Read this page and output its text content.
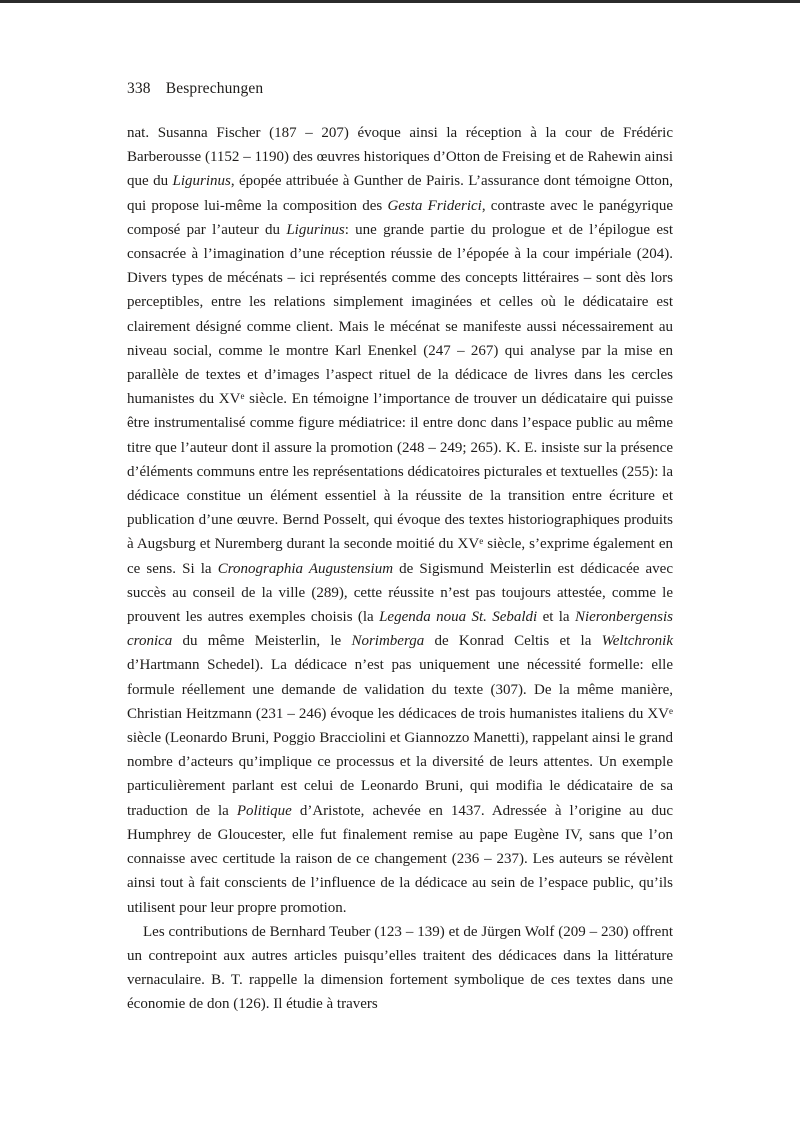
338 Besprechungen

nat. Susanna Fischer (187 – 207) évoque ainsi la réception à la cour de Frédéric Barberousse (1152 – 1190) des œuvres historiques d’Otton de Freising et de Rahewin ainsi que du Ligurinus, épopée attribuée à Gunther de Pairis. L’assurance dont témoigne Otton, qui propose lui-même la composition des Gesta Friderici, contraste avec le panégyrique composé par l’auteur du Ligurinus: une grande partie du prologue et de l’épilogue est consacrée à l’imagination d’une réception réussie de l’épopée à la cour impériale (204). Divers types de mécénats – ici représentés comme des concepts littéraires – sont dès lors perceptibles, entre les relations simplement imaginées et celles où le dédicataire est clairement désigné comme client. Mais le mécénat se manifeste aussi nécessairement au niveau social, comme le montre Karl Enenkel (247 – 267) qui analyse par la mise en parallèle de textes et d’images l’aspect rituel de la dédicace de livres dans les cercles humanistes du XVe siècle. En témoigne l’importance de trouver un dédicataire qui puisse être instrumentalisé comme figure médiatrice: il entre donc dans l’espace public au même titre que l’auteur dont il assure la promotion (248 – 249; 265). K. E. insiste sur la présence d’éléments communs entre les représentations dédicatoires picturales et textuelles (255): la dédicace constitue un élément essentiel à la réussite de la transition entre écriture et publication d’une œuvre. Bernd Posselt, qui évoque des textes historiographiques produits à Augsburg et Nuremberg durant la seconde moitié du XVe siècle, s’exprime également en ce sens. Si la Cronographia Augustensium de Sigismund Meisterlin est dédicacée avec succès au conseil de la ville (289), cette réussite n’est pas toujours attestée, comme le prouvent les autres exemples choisis (la Legenda noua St. Sebaldi et la Nieronbergensis cronica du même Meisterlin, le Norimberga de Konrad Celtis et la Weltchronik d’Hartmann Schedel). La dédicace n’est pas uniquement une nécessité formelle: elle formule réellement une demande de validation du texte (307). De la même manière, Christian Heitzmann (231 – 246) évoque les dédicaces de trois humanistes italiens du XVe siècle (Leonardo Bruni, Poggio Bracciolini et Giannozzo Manetti), rappelant ainsi le grand nombre d’acteurs qu’implique ce processus et la diversité de leurs attentes. Un exemple particulièrement parlant est celui de Leonardo Bruni, qui modifia le dédicataire de sa traduction de la Politique d’Aristote, achevée en 1437. Adressée à l’origine au duc Humphrey de Gloucester, elle fut finalement remise au pape Eugène IV, sans que l’on connaisse avec certitude la raison de ce changement (236 – 237). Les auteurs se révèlent ainsi tout à fait conscients de l’influence de la dédicace au sein de l’espace public, qu’ils utilisent pour leur propre promotion.

Les contributions de Bernhard Teuber (123 – 139) et de Jürgen Wolf (209 – 230) offrent un contrepoint aux autres articles puisqu’elles traitent des dédicaces dans la littérature vernaculaire. B. T. rappelle la dimension fortement symbolique de ces textes dans une économie de don (126). Il étudie à travers
